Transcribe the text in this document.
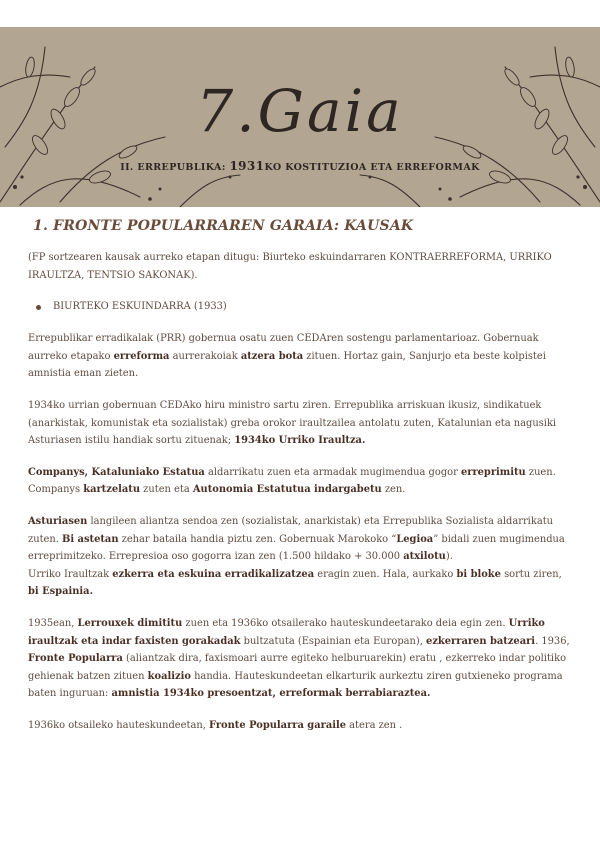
7.Gaia
II. ERREPUBLIKA: 1931KO KOSTITUZIOA ETA ERREFORMAK
1. FRONTE POPULARRAREN GARAIA: KAUSAK

(FP sortzearen kausak aurreko etapan ditugu: Biurteko eskuindarraren KONTRAERREFORMA, URRIKO IRAULTZA, TENTSIO SAKONAK).

BIURTEKO ESKUINDARRA (1933)

Errepublikar erradikalak (PRR) gobernua osatu zuen CEDAren sostengu parlamentarioaz. Gobernuak aurreko etapako erreforma aurrerakoiak atzera bota zituen. Hortaz gain, Sanjurjo eta beste kolpistei amnistia eman zieten.

1934ko urrian gobernuan CEDAko hiru ministro sartu ziren. Errepublika arriskuan ikusiz, sindikatuek (anarkistak, komunistak eta sozialistak) greba orokor iraultzailea antolatu zuten, Katalunian eta nagusiki Asturiasen istilu handiak sortu zituenak; 1934ko Urriko Iraultza.

Companys, Kataluniako Estatua aldarrikatu zuen eta armadak mugimendua gogor erreprimitu zuen. Companys kartzelatu zuten eta Autonomia Estatutua indargabetu zen.

Asturiasen langileen aliantza sendoa zen (sozialistak, anarkistak) eta Errepublika Sozialista aldarrikatu zuten. Bi astetan zehar bataila handia piztu zen. Gobernuak Marokoko “Legioa” bidali zuen mugimendua erreprimitzeko. Errepresioa oso gogorra izan zen (1.500 hildako + 30.000 atxilotu).

Urriko Iraultzak ezkerra eta eskuina erradikalizatzea eragin zuen. Hala, aurkako bi bloke sortu ziren, bi Espainia.

1935ean, Lerrouxek dimititu zuen eta 1936ko otsailerako hauteskundeetarako deia egin zen. Urriko iraultzak eta indar faxisten gorakadak bultzatuta (Espainian eta Europan), ezkerraren batzeari. 1936, Fronte Popularra (aliantzak dira, faxismoari aurre egiteko helburuarekin) eratu , ezkerreko indar politiko gehienak batzen zituen koalizio handia. Hauteskundeetan elkarturik aurkeztu ziren gutxieneko programa baten inguruan: amnistia 1934ko presoentzat, erreformak berrabiaraztea.

1936ko otsaileko hauteskundeetan, Fronte Popularra garaile atera zen .
